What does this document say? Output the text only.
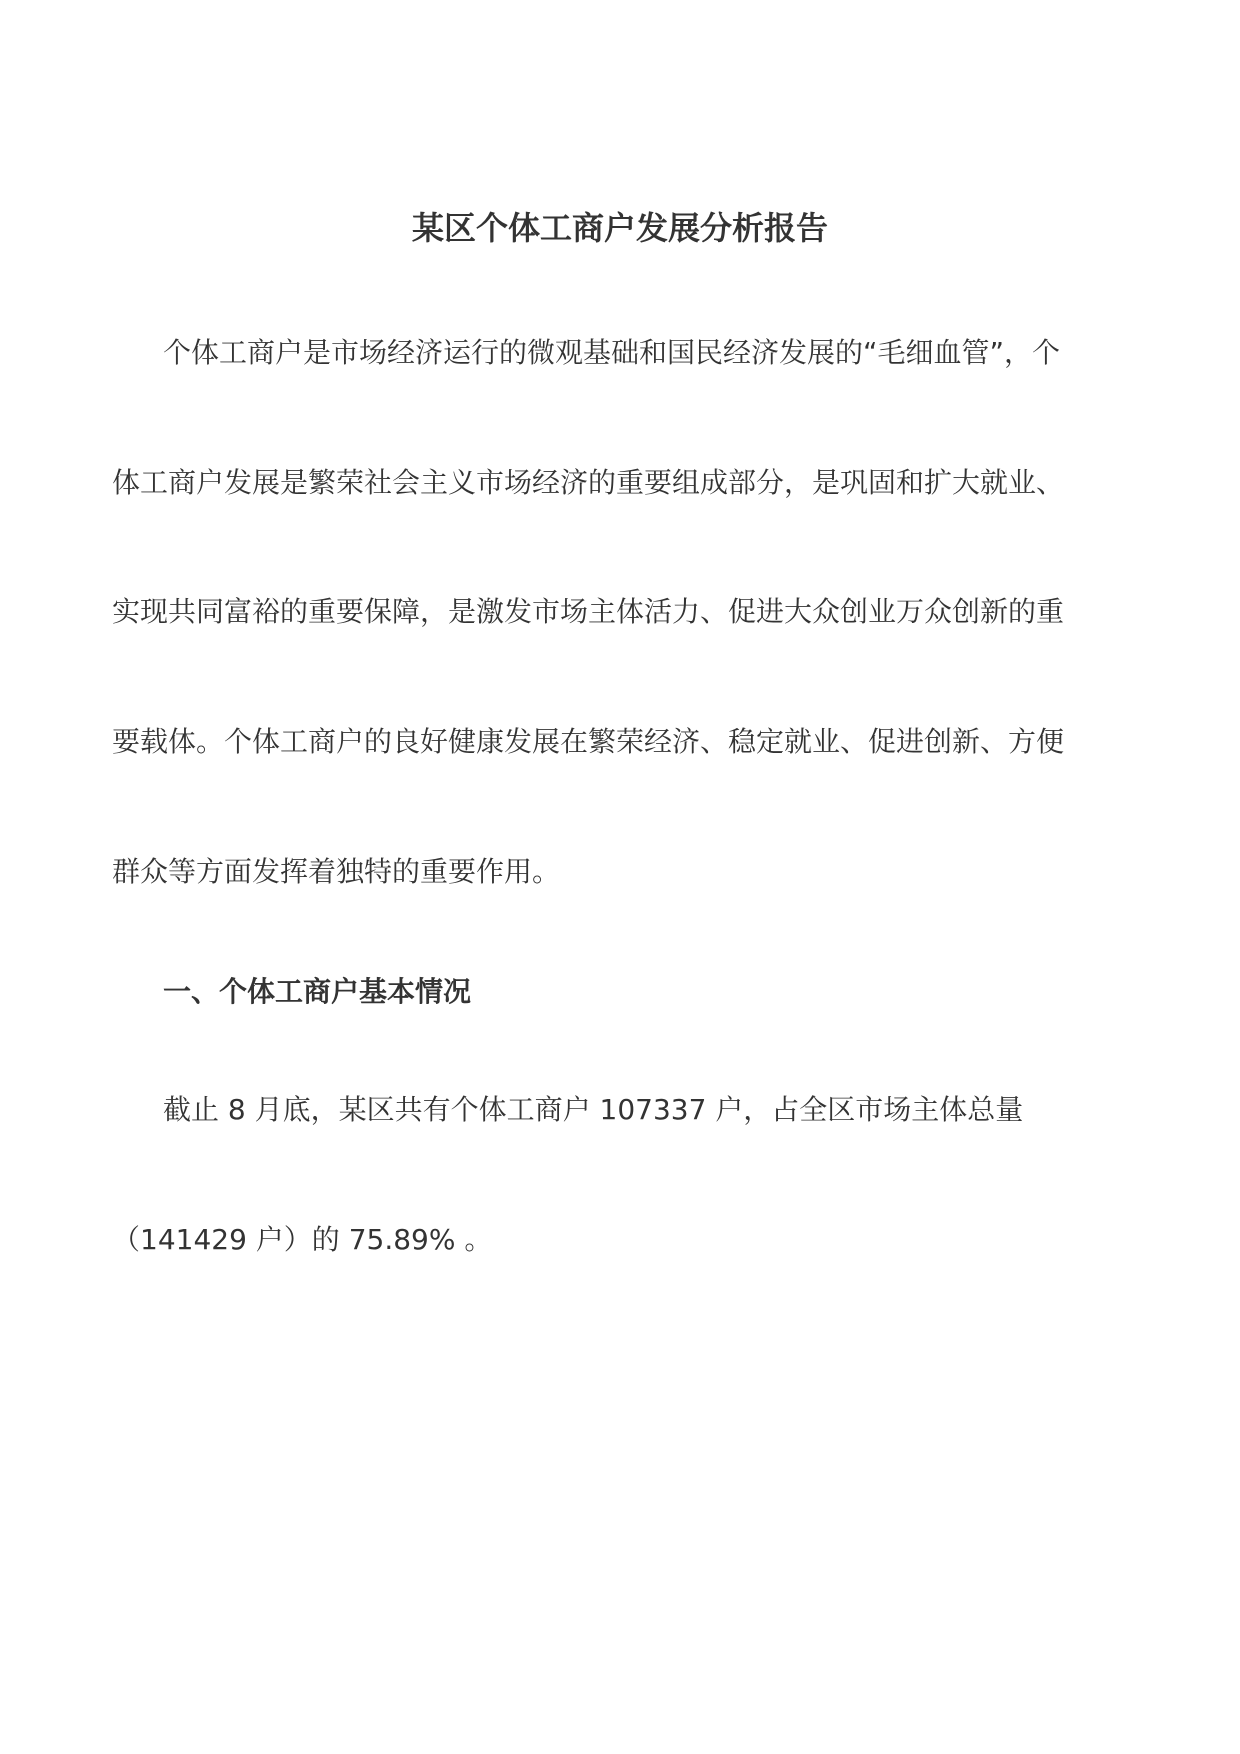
某区个体工商户发展分析报告
个体工商户是市场经济运行的微观基础和国民经济发展的“毛细血管”，个
体工商户发展是繁荣社会主义市场经济的重要组成部分，是巩固和扩大就业、
实现共同富裕的重要保障，是激发市场主体活力、促进大众创业万众创新的重
要载体。个体工商户的良好健康发展在繁荣经济、稳定就业、促进创新、方便
群众等方面发挥着独特的重要作用。
一、个体工商户基本情况
截止 8 月底，某区共有个体工商户 107337 户，占全区市场主体总量
（141429 户）的 75.89% 。
